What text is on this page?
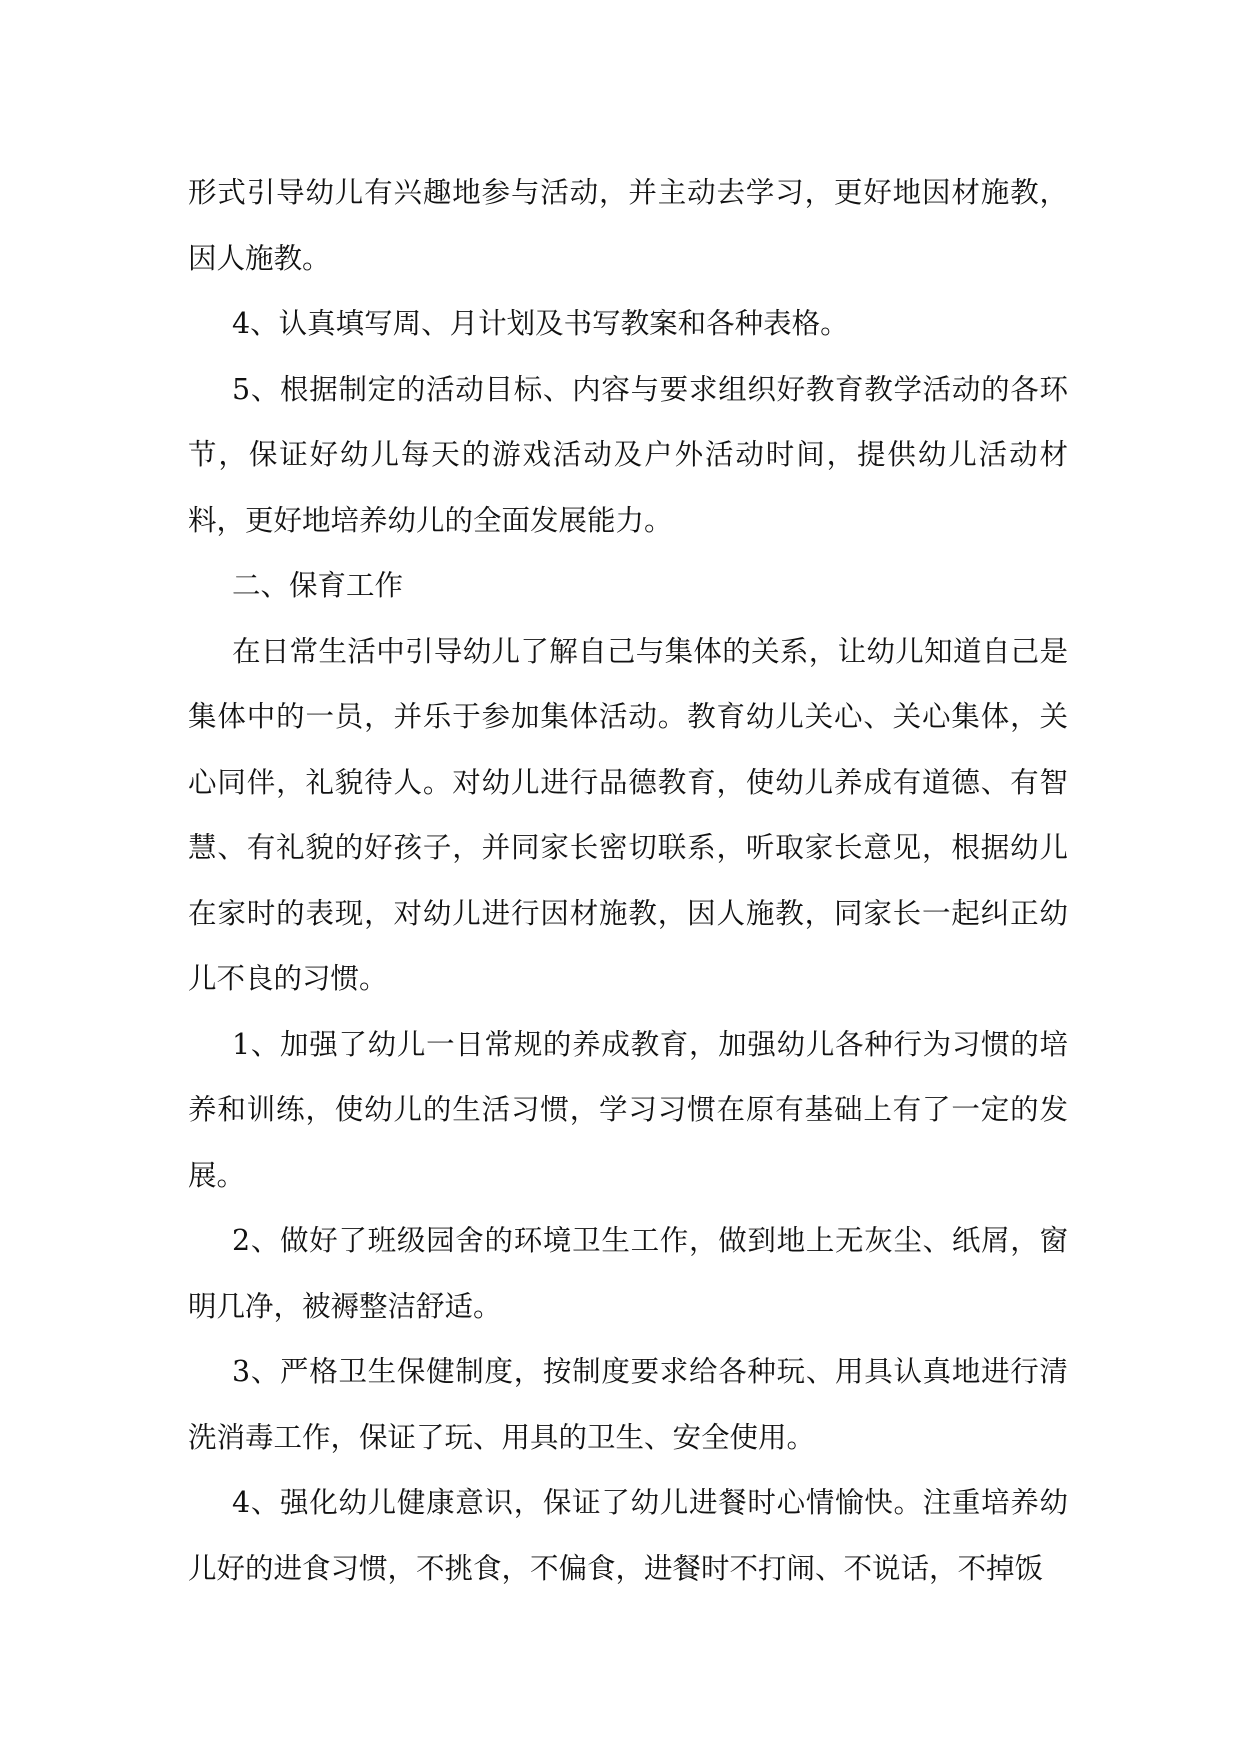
形式引导幼儿有兴趣地参与活动，并主动去学习，更好地因材施教，因人施教。

4、认真填写周、月计划及书写教案和各种表格。

5、根据制定的活动目标、内容与要求组织好教育教学活动的各环节，保证好幼儿每天的游戏活动及户外活动时间，提供幼儿活动材料，更好地培养幼儿的全面发展能力。

二、保育工作

在日常生活中引导幼儿了解自己与集体的关系，让幼儿知道自己是集体中的一员，并乐于参加集体活动。教育幼儿关心、关心集体，关心同伴，礼貌待人。对幼儿进行品德教育，使幼儿养成有道德、有智慧、有礼貌的好孩子，并同家长密切联系，听取家长意见，根据幼儿在家时的表现，对幼儿进行因材施教，因人施教，同家长一起纠正幼儿不良的习惯。

1、加强了幼儿一日常规的养成教育，加强幼儿各种行为习惯的培养和训练，使幼儿的生活习惯，学习习惯在原有基础上有了一定的发展。

2、做好了班级园舍的环境卫生工作，做到地上无灰尘、纸屑，窗明几净，被褥整洁舒适。

3、严格卫生保健制度，按制度要求给各种玩、用具认真地进行清洗消毒工作，保证了玩、用具的卫生、安全使用。

4、强化幼儿健康意识，保证了幼儿进餐时心情愉快。注重培养幼儿好的进食习惯，不挑食，不偏食，进餐时不打闹、不说话，不掉饭
